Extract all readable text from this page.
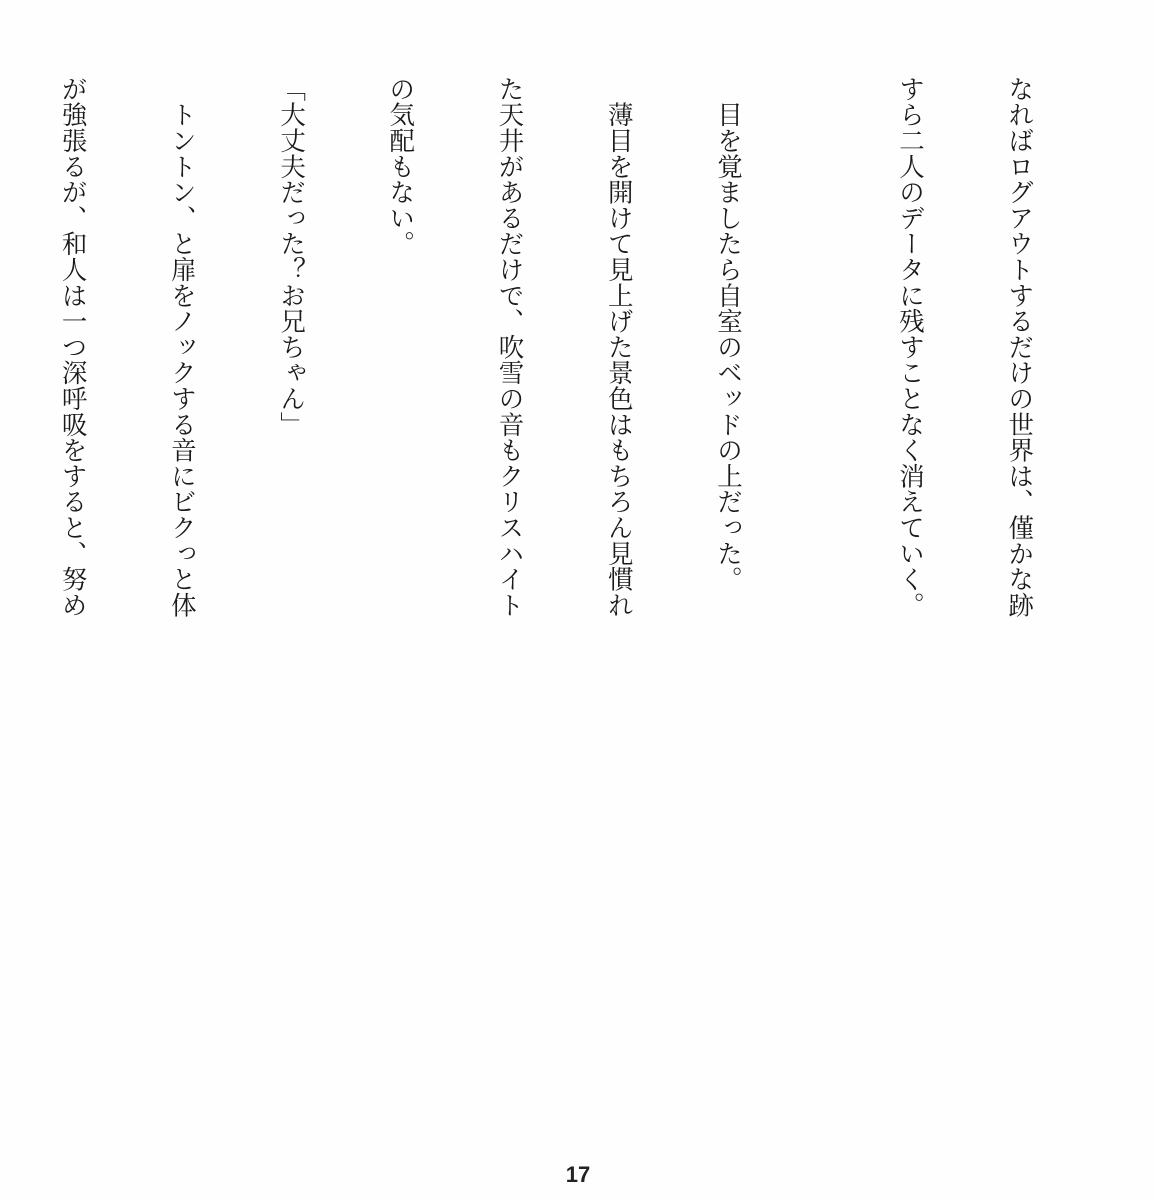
なればログアウトするだけの世界は、僅かな跡

すら二人のデータに残すことなく消えていく。

　目を覚ましたら自室のベッドの上だった。

　薄目を開けて見上げた景色はもちろん見慣れ

た天井があるだけで、吹雪の音もクリスハイト

の気配もない。

「大丈夫だった？お兄ちゃん」

　トントン、と扉をノックする音にビクっと体

が強張るが、和人は一つ深呼吸をすると、努め

17
